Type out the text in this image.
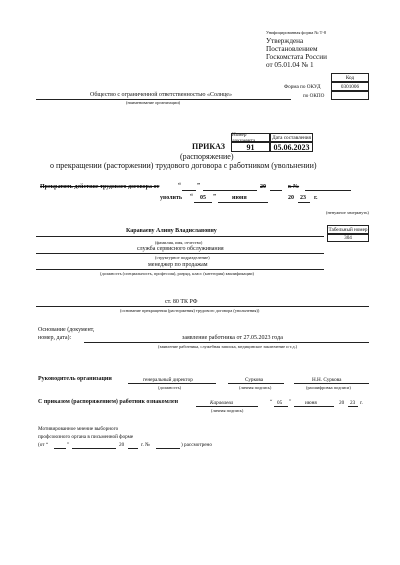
Унифицированная форма № Т-8
Утверждена
Постановлением
Госкомстата России
от 05.01.04 № 1
Код
Форма по ОКУД	0301006
по ОКПО
Общество с ограниченной ответственностью «Солнце»
(наименование организации)
Номер документа	Дата составления
ПРИКАЗ	91 05.06.2023
(распоряжение)
о прекращении (расторжении) трудового договора с работником (увольнении)
Прекратить действие трудового договора от	“	”	20	г. №
уволить “ 05 ”	июня	20 23 г.
(ненужное зачеркнуть)
Караваеву Алину Владиславовну	Табельный номер
304
(фамилия, имя, отчество)
служба сервисного обслуживания
(структурное подразделение)
менеджер по продажам
(должность (специальность, профессия), разряд, класс (категория) квалификации)
ст. 80 ТК РФ
(основание прекращения (расторжения) трудового договора (увольнения))
Основание (документ,
номер, дата):	заявление работника от 27.05.2023 года
(заявление работника, служебная записка, медицинское заключение и т.д.)
Руководитель организации	генеральный директор
(должность)
Суркова
(личная подпись)
Н.Н. Суркова
(расшифровка подписи)
С приказом (распоряжением) работник ознакомлен	Караваева
(личная подпись)
“ 05 ”	июня	20 23 г.
Мотивированное мнение выборного
профсоюзного органа в письменной форме
(от “	”	20	г. №	) рассмотрено
